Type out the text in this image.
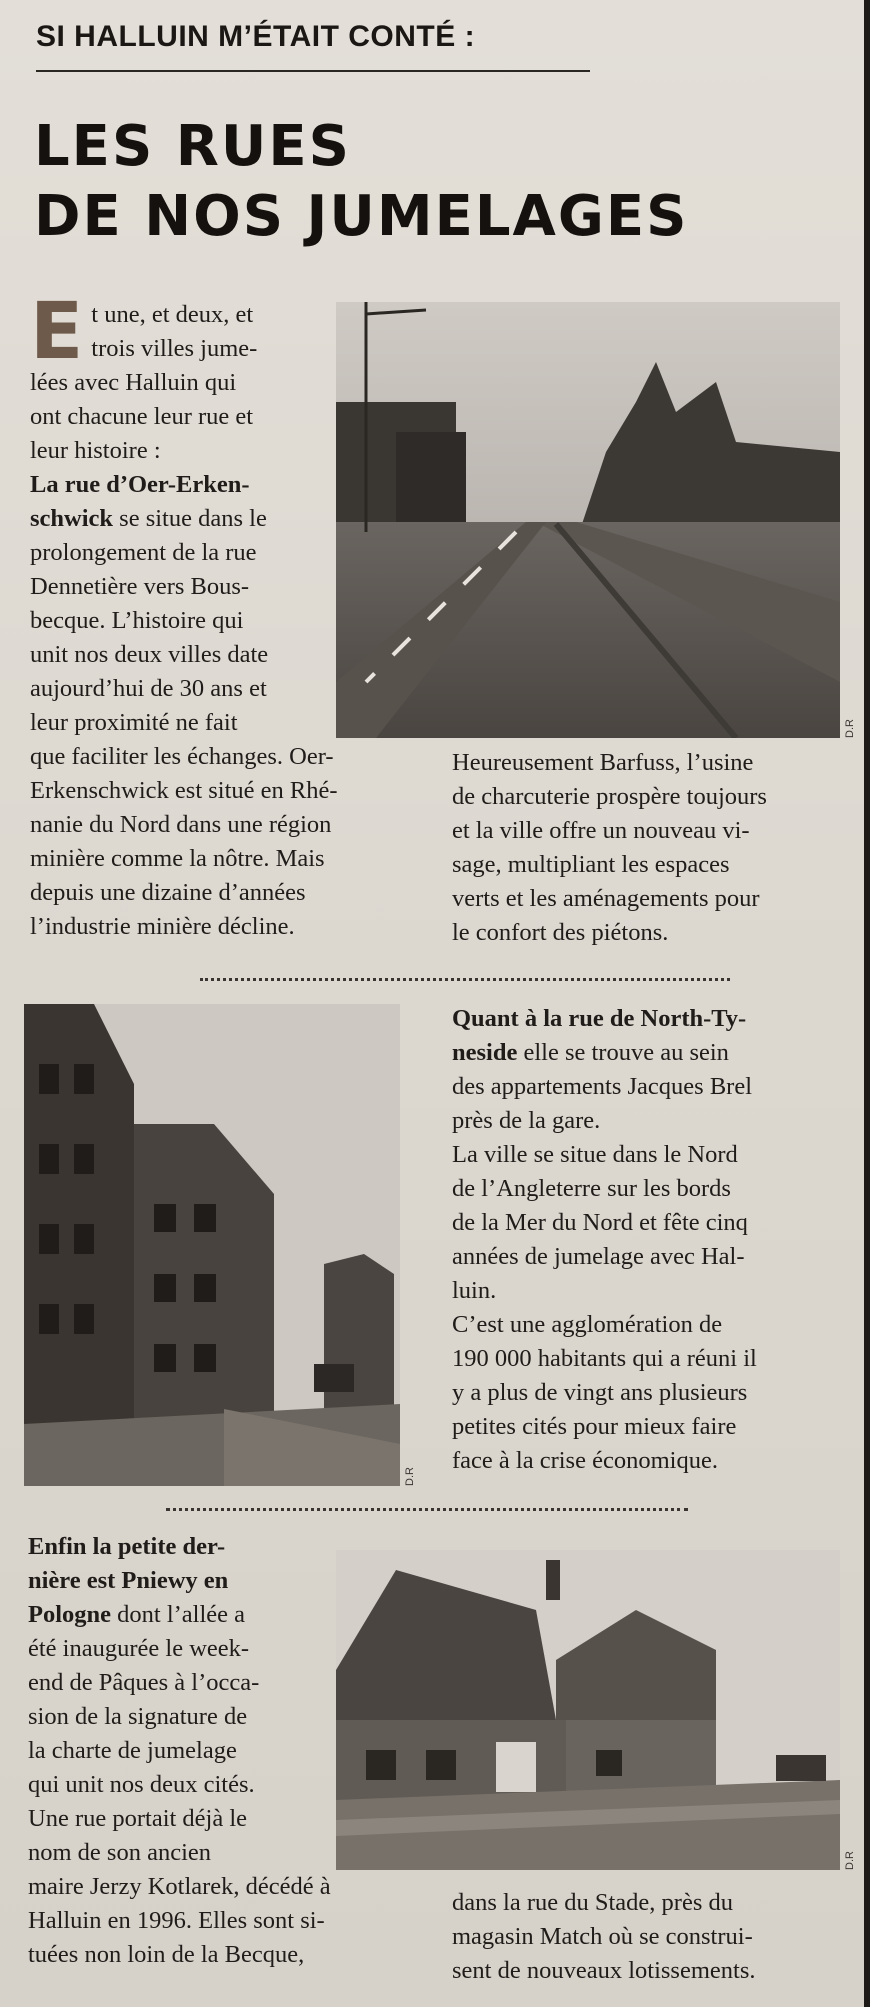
SI HALLUIN M’ÉTAIT CONTÉ :
LES RUES
DE NOS JUMELAGES
E t une, et deux, et
trois villes jume-
lées avec Halluin qui
ont chacune leur rue et
leur histoire :
La rue d’Oer-Erken-
schwick se situe dans le
prolongement de la rue
Dennetière vers Bous-
becque. L’histoire qui
unit nos deux villes date
aujourd’hui de 30 ans et
leur proximité ne fait
que faciliter les échanges. Oer-
Erkenschwick est situé en Rhé-
nanie du Nord dans une région
minière comme la nôtre. Mais
depuis une dizaine d’années
l’industrie minière décline.
D.R
Heureusement Barfuss, l’usine
de charcuterie prospère toujours
et la ville offre un nouveau vi-
sage, multipliant les espaces
verts et les aménagements pour
le confort des piétons.
D.R
Quant à la rue de North-Ty-
neside elle se trouve au sein
des appartements Jacques Brel
près de la gare.
La ville se situe dans le Nord
de l’Angleterre sur les bords
de la Mer du Nord et fête cinq
années de jumelage avec Hal-
luin.
C’est une agglomération de
190 000 habitants qui a réuni il
y a plus de vingt ans plusieurs
petites cités pour mieux faire
face à la crise économique.
Enfin la petite der-
nière est Pniewy en
Pologne dont l’allée a
été inaugurée le week-
end de Pâques à l’occa-
sion de la signature de
la charte de jumelage
qui unit nos deux cités.
Une rue portait déjà le
nom de son ancien
maire Jerzy Kotlarek, décédé à
Halluin en 1996. Elles sont si-
tuées non loin de la Becque,
D.R
dans la rue du Stade, près du
magasin Match où se construi-
sent de nouveaux lotissements.
